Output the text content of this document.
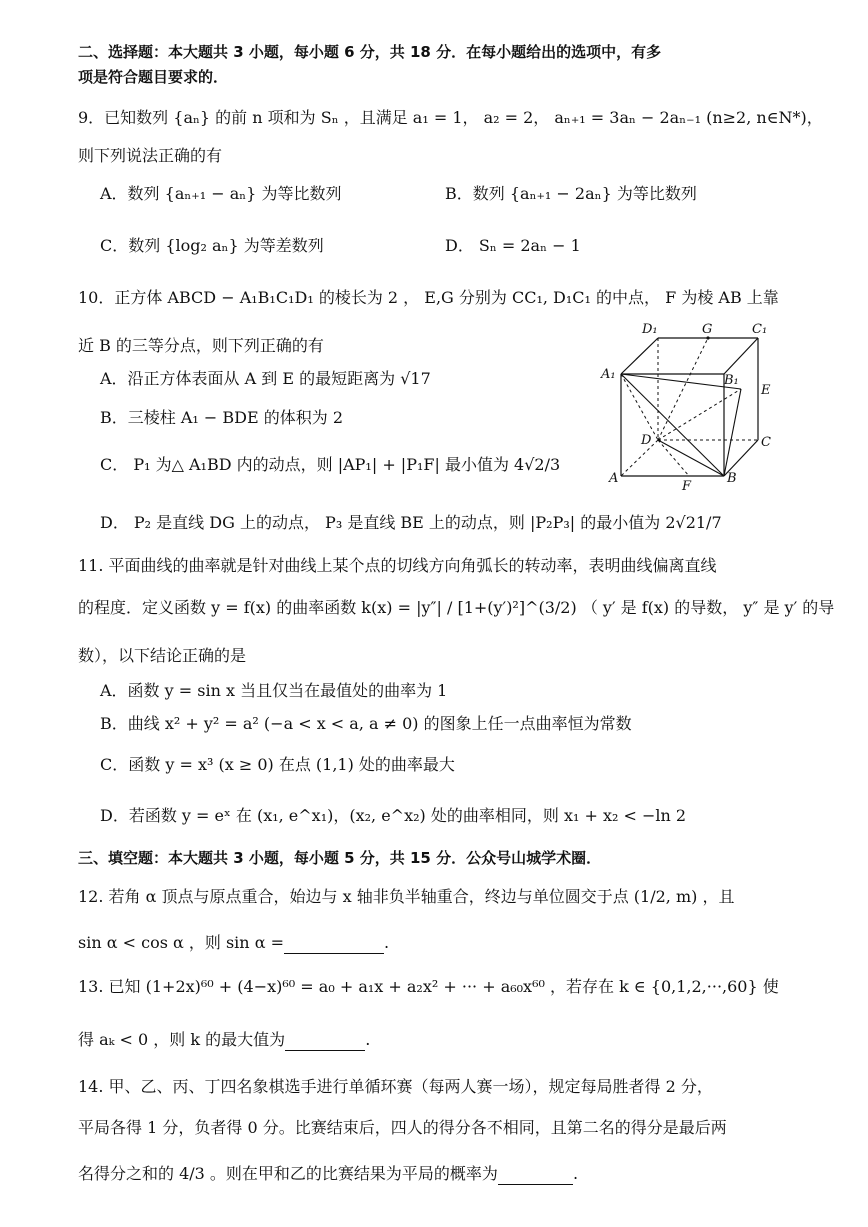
二、选择题：本大题共 3 小题，每小题 6 分，共 18 分．在每小题给出的选项中，有多
项是符合题目要求的．
9．已知数列 {aₙ} 的前 n 项和为 Sₙ ，且满足 a₁ = 1， a₂ = 2， aₙ₊₁ = 3aₙ − 2aₙ₋₁ (n≥2, n∈N*)，
则下列说法正确的有
A．数列 {aₙ₊₁ − aₙ} 为等比数列	B．数列 {aₙ₊₁ − 2aₙ} 为等比数列
C．数列 {log₂ aₙ} 为等差数列	D． Sₙ = 2aₙ − 1
10．正方体 ABCD − A₁B₁C₁D₁ 的棱长为 2 ， E,G 分别为 CC₁, D₁C₁ 的中点， F 为棱 AB 上靠
近 B 的三等分点，则下列正确的有
A．沿正方体表面从 A 到 E 的最短距离为 √17
B．三棱柱 A₁ − BDE 的体积为 2
C． P₁ 为△ A₁BD 内的动点，则 |AP₁| + |P₁F| 最小值为 4√2/3
D． P₂ 是直线 DG 上的动点， P₃ 是直线 BE 上的动点，则 |P₂P₃| 的最小值为 2√21/7
D₁	G	C₁
A₁	B₁
E
D	C
A
F
B
11. 平面曲线的曲率就是针对曲线上某个点的切线方向角弧长的转动率，表明曲线偏离直线
的程度．定义函数 y = f(x) 的曲率函数 k(x) = |y″| / [1+(y′)²]^(3/2) （ y′ 是 f(x) 的导数， y″ 是 y′ 的导
数），以下结论正确的是
A．函数 y = sin x 当且仅当在最值处的曲率为 1
B．曲线 x² + y² = a² (−a < x < a, a ≠ 0) 的图象上任一点曲率恒为常数
C．函数 y = x³ (x ≥ 0) 在点 (1,1) 处的曲率最大
D．若函数 y = eˣ 在 (x₁, e^x₁)，(x₂, e^x₂) 处的曲率相同，则 x₁ + x₂ < −ln 2
三、填空题：本大题共 3 小题，每小题 5 分，共 15 分．公众号山城学术圈．
12. 若角 α 顶点与原点重合，始边与 x 轴非负半轴重合，终边与单位圆交于点 (1/2, m) ，且
sin α < cos α ，则 sin α =	.
13. 已知 (1+2x)⁶⁰ + (4−x)⁶⁰ = a₀ + a₁x + a₂x² + ··· + a₆₀x⁶⁰ ，若存在 k ∈ {0,1,2,···,60} 使
得 aₖ < 0 ，则 k 的最大值为	.
14. 甲、乙、丙、丁四名象棋选手进行单循环赛（每两人赛一场），规定每局胜者得 2 分，
平局各得 1 分，负者得 0 分。比赛结束后，四人的得分各不相同，且第二名的得分是最后两
名得分之和的 4/3 。则在甲和乙的比赛结果为平局的概率为	.
